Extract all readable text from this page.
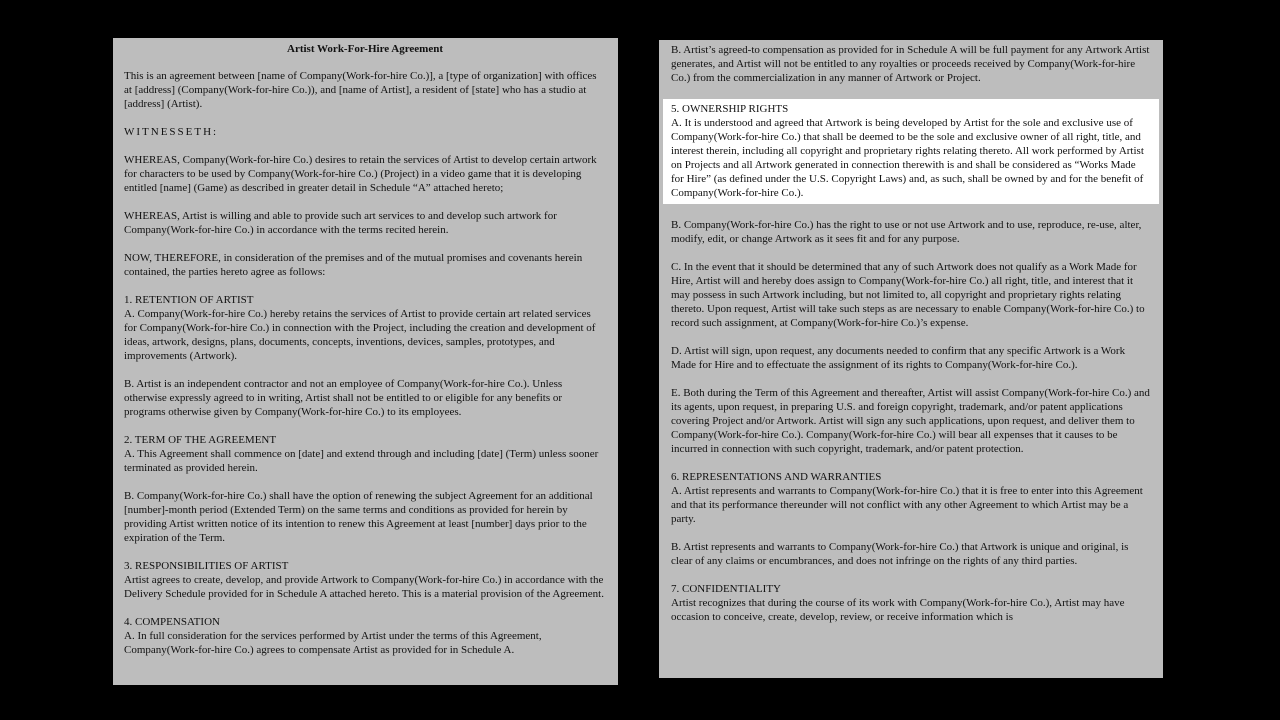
Artist Work-For-Hire Agreement
This is an agreement between [name of Company(Work-for-hire Co.)], a [type of organization] with offices at [address] (Company(Work-for-hire Co.)), and [name of Artist], a resident of [state] who has a studio at [address] (Artist).
WITNESSETH:
WHEREAS, Company(Work-for-hire Co.) desires to retain the services of Artist to develop certain artwork for characters to be used by Company(Work-for-hire Co.) (Project) in a video game that it is developing entitled [name] (Game) as described in greater detail in Schedule “A” attached hereto;
WHEREAS, Artist is willing and able to provide such art services to and develop such artwork for Company(Work-for-hire Co.) in accordance with the terms recited herein.
NOW, THEREFORE, in consideration of the premises and of the mutual promises and covenants herein contained, the parties hereto agree as follows:
1. RETENTION OF ARTIST
A. Company(Work-for-hire Co.) hereby retains the services of Artist to provide certain art related services for Company(Work-for-hire Co.) in connection with the Project, including the creation and development of ideas, artwork, designs, plans, documents, concepts, inventions, devices, samples, prototypes, and improvements (Artwork).
B. Artist is an independent contractor and not an employee of Company(Work-for-hire Co.). Unless otherwise expressly agreed to in writing, Artist shall not be entitled to or eligible for any benefits or programs otherwise given by Company(Work-for-hire Co.) to its employees.
2. TERM OF THE AGREEMENT
A. This Agreement shall commence on [date] and extend through and including [date] (Term) unless sooner terminated as provided herein.
B. Company(Work-for-hire Co.) shall have the option of renewing the subject Agreement for an additional [number]-month period (Extended Term) on the same terms and conditions as provided for herein by providing Artist written notice of its intention to renew this Agreement at least [number] days prior to the expiration of the Term.
3. RESPONSIBILITIES OF ARTIST
Artist agrees to create, develop, and provide Artwork to Company(Work-for-hire Co.) in accordance with the Delivery Schedule provided for in Schedule A attached hereto. This is a material provision of the Agreement.
4. COMPENSATION
A. In full consideration for the services performed by Artist under the terms of this Agreement, Company(Work-for-hire Co.) agrees to compensate Artist as provided for in Schedule A.
B. Artist’s agreed-to compensation as provided for in Schedule A will be full payment for any Artwork Artist generates, and Artist will not be entitled to any royalties or proceeds received by Company(Work-for-hire Co.) from the commercialization in any manner of Artwork or Project.
5. OWNERSHIP RIGHTS
A. It is understood and agreed that Artwork is being developed by Artist for the sole and exclusive use of Company(Work-for-hire Co.) that shall be deemed to be the sole and exclusive owner of all right, title, and interest therein, including all copyright and proprietary rights relating thereto. All work performed by Artist on Projects and all Artwork generated in connection therewith is and shall be considered as “Works Made for Hire” (as defined under the U.S. Copyright Laws) and, as such, shall be owned by and for the benefit of Company(Work-for-hire Co.).
B. Company(Work-for-hire Co.) has the right to use or not use Artwork and to use, reproduce, re-use, alter, modify, edit, or change Artwork as it sees fit and for any purpose.
C. In the event that it should be determined that any of such Artwork does not qualify as a Work Made for Hire, Artist will and hereby does assign to Company(Work-for-hire Co.) all right, title, and interest that it may possess in such Artwork including, but not limited to, all copyright and proprietary rights relating thereto. Upon request, Artist will take such steps as are necessary to enable Company(Work-for-hire Co.) to record such assignment, at Company(Work-for-hire Co.)’s expense.
D. Artist will sign, upon request, any documents needed to confirm that any specific Artwork is a Work Made for Hire and to effectuate the assignment of its rights to Company(Work-for-hire Co.).
E. Both during the Term of this Agreement and thereafter, Artist will assist Company(Work-for-hire Co.) and its agents, upon request, in preparing U.S. and foreign copyright, trademark, and/or patent applications covering Project and/or Artwork. Artist will sign any such applications, upon request, and deliver them to Company(Work-for-hire Co.). Company(Work-for-hire Co.) will bear all expenses that it causes to be incurred in connection with such copyright, trademark, and/or patent protection.
6. REPRESENTATIONS AND WARRANTIES
A. Artist represents and warrants to Company(Work-for-hire Co.) that it is free to enter into this Agreement and that its performance thereunder will not conflict with any other Agreement to which Artist may be a party.
B. Artist represents and warrants to Company(Work-for-hire Co.) that Artwork is unique and original, is clear of any claims or encumbrances, and does not infringe on the rights of any third parties.
7. CONFIDENTIALITY
Artist recognizes that during the course of its work with Company(Work-for-hire Co.), Artist may have occasion to conceive, create, develop, review, or receive information which is
